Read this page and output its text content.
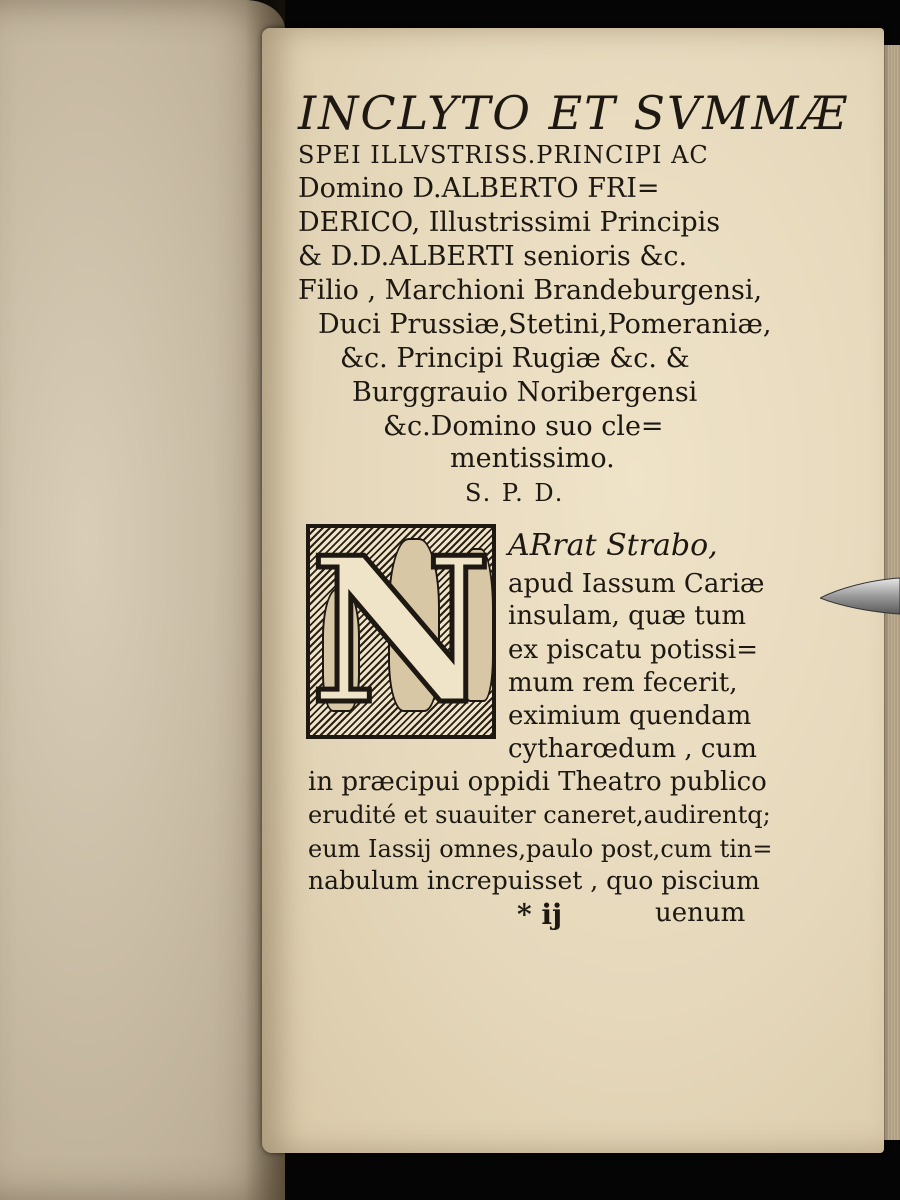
INCLYTO ET SVMMÆ
SPEI ILLVSTRISS.PRINCIPI AC
Domino D.ALBERTO FRI=
DERICO, Illustrissimi Principis
& D.D.ALBERTI senioris &c.
Filio , Marchioni Brandeburgensi,
Duci Prussiæ,Stetini,Pomeraniæ,
&c. Principi Rugiæ &c. &
Burggrauio Noribergensi
&c.Domino suo cle=
mentissimo.
S. P. D.
N ARrat Strabo,
apud Iassum Cariæ
insulam, quæ tum
ex piscatu potissi=
mum rem fecerit,
eximium quendam
cytharœdum , cum
in præcipui oppidi Theatro publico
erudité et suauiter caneret,audirentq;
eum Iassij omnes,paulo post,cum tin=
nabulum increpuisset , quo piscium
* ij	uenum
